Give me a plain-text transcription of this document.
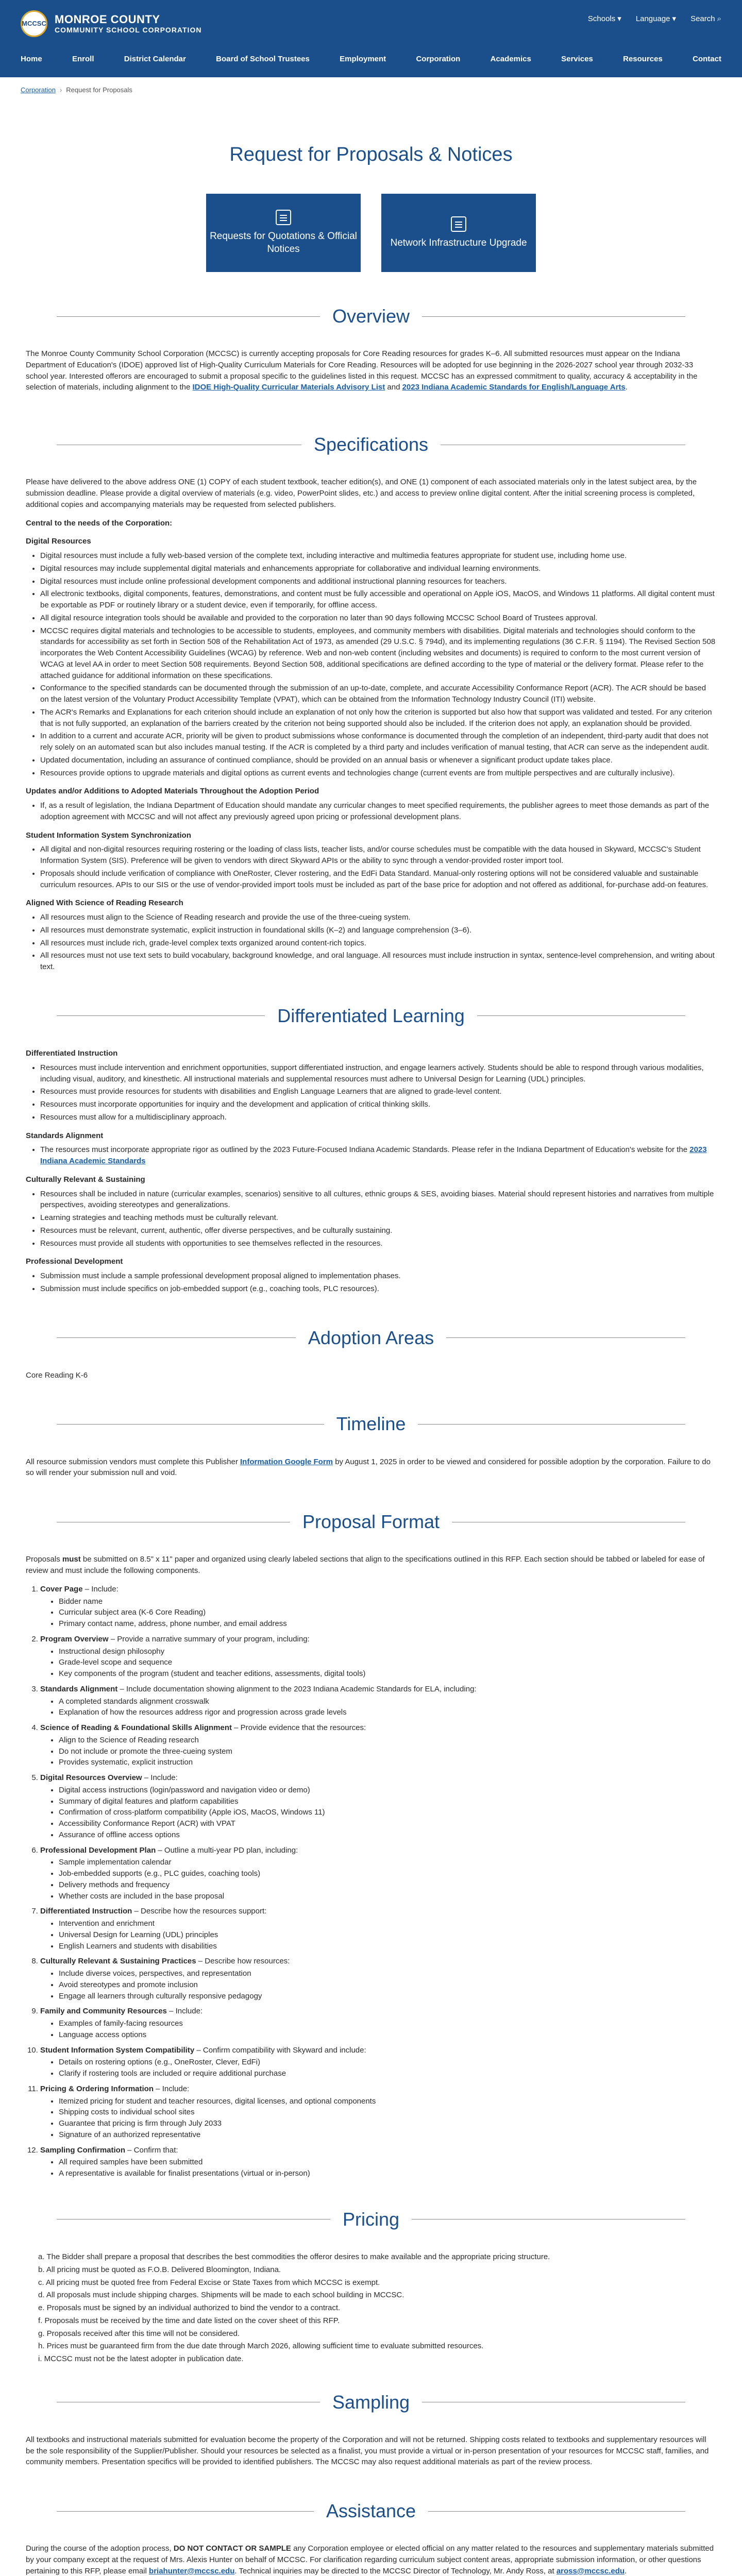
MCCSC MONROE COUNTY
COMMUNITY SCHOOL CORPORATION
Schools ▾ Language ▾ Search ⌕
Home	Enroll	District Calendar	Board of School Trustees	Employment	Corporation	Academics	Services	Resources	Contact
Corporation › Request for Proposals
Request for Proposals & Notices
Requests for Quotations & Official Notices
Network Infrastructure Upgrade
Overview

The Monroe County Community School Corporation (MCCSC) is currently accepting proposals for Core Reading resources for grades K–6. All submitted resources must appear on the Indiana Department of Education's (IDOE) approved list of High-Quality Curriculum Materials for Core Reading. Resources will be adopted for use beginning in the 2026-2027 school year through 2032-33 school year. Interested offerors are encouraged to submit a proposal specific to the guidelines listed in this request. MCCSC has an expressed commitment to quality, accuracy & acceptability in the selection of materials, including alignment to the IDOE High-Quality Curricular Materials Advisory List and 2023 Indiana Academic Standards for English/Language Arts.

Specifications

Please have delivered to the above address ONE (1) COPY of each student textbook, teacher edition(s), and ONE (1) component of each associated materials only in the latest subject area, by the submission deadline. Please provide a digital overview of materials (e.g. video, PowerPoint slides, etc.) and access to preview online digital content. After the initial screening process is completed, additional copies and accompanying materials may be requested from selected publishers.

Central to the needs of the Corporation:
Digital Resources
• Digital resources must include a fully web-based version of the complete text, including interactive and multimedia features appropriate for student use, including home use.
• Digital resources may include supplemental digital materials and enhancements appropriate for collaborative and individual learning environments.
• Digital resources must include online professional development components and additional instructional planning resources for teachers.
• All electronic textbooks, digital components, features, demonstrations, and content must be fully accessible and operational on Apple iOS, MacOS, and Windows 11 platforms. All digital content must be exportable as PDF or routinely library or a student device, even if temporarily, for offline access.
• All digital resource integration tools should be available and provided to the corporation no later than 90 days following MCCSC School Board of Trustees approval.
• MCCSC requires digital materials and technologies to be accessible to students, employees, and community members with disabilities. Digital materials and technologies should conform to the standards for accessibility as set forth in Section 508 of the Rehabilitation Act of 1973, as amended (29 U.S.C. § 794d), and its implementing regulations (36 C.F.R. § 1194). The Revised Section 508 incorporates the Web Content Accessibility Guidelines (WCAG) by reference. Web and non-web content (including websites and documents) is required to conform to the most current version of WCAG at level AA in order to meet Section 508 requirements. Beyond Section 508, additional specifications are defined according to the type of material or the delivery format. Please refer to the attached guidance for additional information on these specifications.
• Conformance to the specified standards can be documented through the submission of an up-to-date, complete, and accurate Accessibility Conformance Report (ACR). The ACR should be based on the latest version of the Voluntary Product Accessibility Template (VPAT), which can be obtained from the Information Technology Industry Council (ITI) website.
• The ACR's Remarks and Explanations for each criterion should include an explanation of not only how the criterion is supported but also how that support was validated and tested. For any criterion that is not fully supported, an explanation of the barriers created by the criterion not being supported should also be included. If the criterion does not apply, an explanation should be provided.
• In addition to a current and accurate ACR, priority will be given to product submissions whose conformance is documented through the completion of an independent, third-party audit that does not rely solely on an automated scan but also includes manual testing. If the ACR is completed by a third party and includes verification of manual testing, that ACR can serve as the independent audit.
• Updated documentation, including an assurance of continued compliance, should be provided on an annual basis or whenever a significant product update takes place.
• Resources provide options to upgrade materials and digital options as current events and technologies change (current events are from multiple perspectives and are culturally inclusive).
Updates and/or Additions to Adopted Materials Throughout the Adoption Period
• If, as a result of legislation, the Indiana Department of Education should mandate any curricular changes to meet specified requirements, the publisher agrees to meet those demands as part of the adoption agreement with MCCSC and will not affect any previously agreed upon pricing or professional development plans.
Student Information System Synchronization
• All digital and non-digital resources requiring rostering or the loading of class lists, teacher lists, and/or course schedules must be compatible with the data housed in Skyward, MCCSC's Student Information System (SIS). Preference will be given to vendors with direct Skyward APIs or the ability to sync through a vendor-provided roster import tool.
• Proposals should include verification of compliance with OneRoster, Clever rostering, and the EdFi Data Standard. Manual-only rostering options will not be considered valuable and sustainable curriculum resources. APIs to our SIS or the use of vendor-provided import tools must be included as part of the base price for adoption and not offered as additional, for-purchase add-on features.
Aligned With Science of Reading Research
• All resources must align to the Science of Reading research and provide the use of the three-cueing system.
• All resources must demonstrate systematic, explicit instruction in foundational skills (K–2) and language comprehension (3–6).
• All resources must include rich, grade-level complex texts organized around content-rich topics.
• All resources must not use text sets to build vocabulary, background knowledge, and oral language. All resources must include instruction in syntax, sentence-level comprehension, and writing about text.
Differentiated Learning
Differentiated Instruction
• Resources must include intervention and enrichment opportunities, support differentiated instruction, and engage learners actively. Students should be able to respond through various modalities, including visual, auditory, and kinesthetic. All instructional materials and supplemental resources must adhere to Universal Design for Learning (UDL) principles.
• Resources must provide resources for students with disabilities and English Language Learners that are aligned to grade-level content.
• Resources must incorporate opportunities for inquiry and the development and application of critical thinking skills.
• Resources must allow for a multidisciplinary approach.
Standards Alignment
• The resources must incorporate appropriate rigor as outlined by the 2023 Future-Focused Indiana Academic Standards. Please refer in the Indiana Department of Education's website for the 2023 Indiana Academic Standards
Culturally Relevant & Sustaining
• Resources shall be included in nature (curricular examples, scenarios) sensitive to all cultures, ethnic groups & SES, avoiding biases. Material should represent histories and narratives from multiple perspectives, avoiding stereotypes and generalizations.
• Learning strategies and teaching methods must be culturally relevant.
• Resources must be relevant, current, authentic, offer diverse perspectives, and be culturally sustaining.
• Resources must provide all students with opportunities to see themselves reflected in the resources.
Professional Development
• Submission must include a sample professional development proposal aligned to implementation phases.
• Submission must include specifics on job-embedded support (e.g., coaching tools, PLC resources).
Adoption Areas

Core Reading K-6

Timeline

All resource submission vendors must complete this Publisher Information Google Form by August 1, 2025 in order to be viewed and considered for possible adoption by the corporation. Failure to do so will render your submission null and void.

Proposal Format

Proposals must be submitted on 8.5" x 11" paper and organized using clearly labeled sections that align to the specifications outlined in this RFP. Each section should be tabbed or labeled for ease of review and must include the following components.

1. Cover Page – Include:
• Bidder name
• Curricular subject area (K-6 Core Reading)
• Primary contact name, address, phone number, and email address
2. Program Overview – Provide a narrative summary of your program, including:
• Instructional design philosophy
• Grade-level scope and sequence
• Key components of the program (student and teacher editions, assessments, digital tools)
3. Standards Alignment – Include documentation showing alignment to the 2023 Indiana Academic Standards for ELA, including:
• A completed standards alignment crosswalk
• Explanation of how the resources address rigor and progression across grade levels
4. Science of Reading & Foundational Skills Alignment – Provide evidence that the resources:
• Align to the Science of Reading research
• Do not include or promote the three-cueing system
• Provides systematic, explicit instruction
5. Digital Resources Overview – Include:
• Digital access instructions (login/password and navigation video or demo)
• Summary of digital features and platform capabilities
• Confirmation of cross-platform compatibility (Apple iOS, MacOS, Windows 11)
• Accessibility Conformance Report (ACR) with VPAT
• Assurance of offline access options
6. Professional Development Plan – Outline a multi-year PD plan, including:
• Sample implementation calendar
• Job-embedded supports (e.g., PLC guides, coaching tools)
• Delivery methods and frequency
• Whether costs are included in the base proposal
7. Differentiated Instruction – Describe how the resources support:
• Intervention and enrichment
• Universal Design for Learning (UDL) principles
• English Learners and students with disabilities
8. Culturally Relevant & Sustaining Practices – Describe how resources:
• Include diverse voices, perspectives, and representation
• Avoid stereotypes and promote inclusion
• Engage all learners through culturally responsive pedagogy
9. Family and Community Resources – Include:
• Examples of family-facing resources
• Language access options
10. Student Information System Compatibility – Confirm compatibility with Skyward and include:
• Details on rostering options (e.g., OneRoster, Clever, EdFi)
• Clarify if rostering tools are included or require additional purchase
11. Pricing & Ordering Information – Include:
• Itemized pricing for student and teacher resources, digital licenses, and optional components
• Shipping costs to individual school sites
• Guarantee that pricing is firm through July 2033
• Signature of an authorized representative
12. Sampling Confirmation – Confirm that:
• All required samples have been submitted
• A representative is available for finalist presentations (virtual or in-person)
Pricing

a. The Bidder shall prepare a proposal that describes the best commodities the offeror desires to make available and the appropriate pricing structure.

b. All pricing must be quoted as F.O.B. Delivered Bloomington, Indiana.

c. All pricing must be quoted free from Federal Excise or State Taxes from which MCCSC is exempt.

d. All proposals must include shipping charges. Shipments will be made to each school building in MCCSC.

e. Proposals must be signed by an individual authorized to bind the vendor to a contract.

f. Proposals must be received by the time and date listed on the cover sheet of this RFP.

g. Proposals received after this time will not be considered.

h. Prices must be guaranteed firm from the due date through March 2026, allowing sufficient time to evaluate submitted resources.

i. MCCSC must not be the latest adopter in publication date.

Sampling

All textbooks and instructional materials submitted for evaluation become the property of the Corporation and will not be returned. Shipping costs related to textbooks and supplementary resources will be the sole responsibility of the Supplier/Publisher. Should your resources be selected as a finalist, you must provide a virtual or in-person presentation of your resources for MCCSC staff, families, and community members. Presentation specifics will be provided to identified publishers. The MCCSC may also request additional materials as part of the review process.

Assistance

During the course of the adoption process, DO NOT CONTACT OR SAMPLE any Corporation employee or elected official on any matter related to the resources and supplementary materials submitted by your company except at the request of Mrs. Alexis Hunter on behalf of MCCSC. For clarification regarding curriculum subject content areas, appropriate submission information, or other questions pertaining to this RFP, please email briahunter@mccsc.edu. Technical inquiries may be directed to the MCCSC Director of Technology, Mr. Andy Ross, at aross@mccsc.edu.
